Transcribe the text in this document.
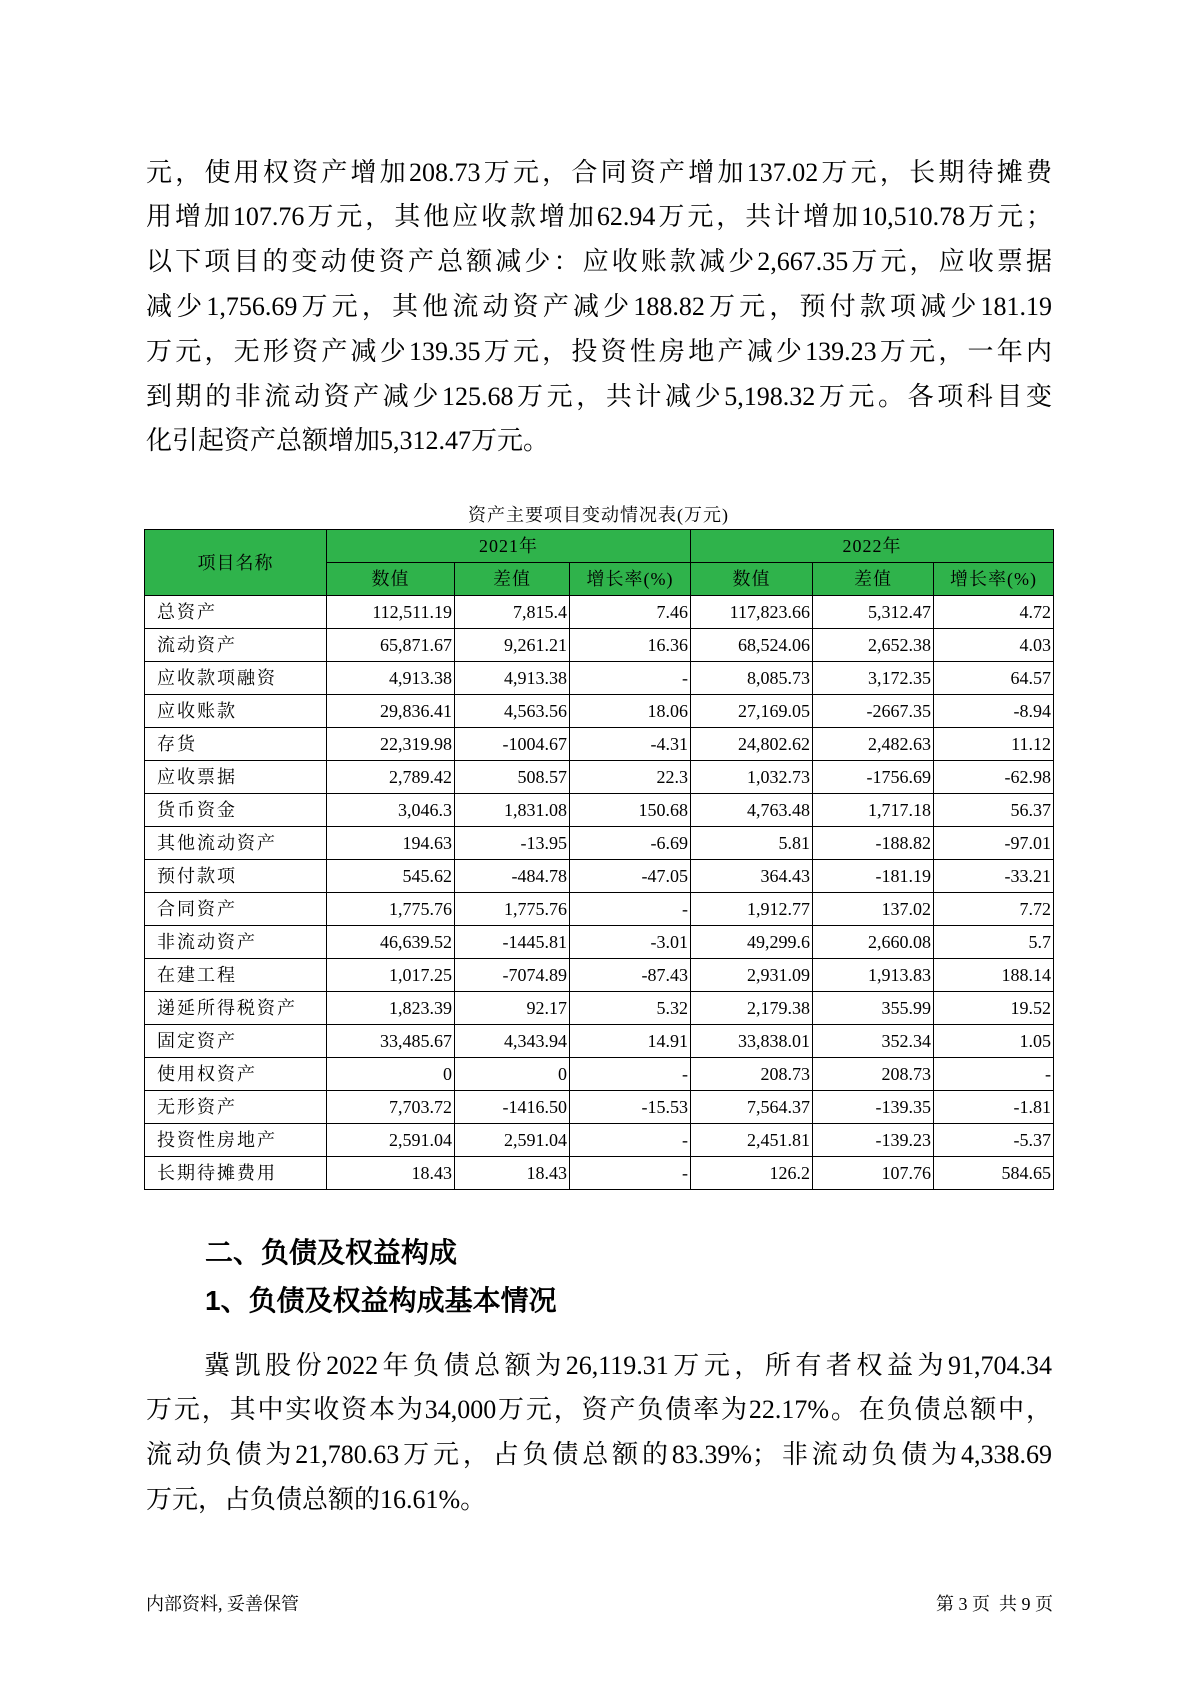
元，使用权资产增加208.73万元，合同资产增加137.02万元，长期待摊费
用增加107.76万元，其他应收款增加62.94万元，共计增加10,510.78万元；
以下项目的变动使资产总额减少：应收账款减少2,667.35万元，应收票据
减少1,756.69万元，其他流动资产减少188.82万元，预付款项减少181.19
万元，无形资产减少139.35万元，投资性房地产减少139.23万元，一年内
到期的非流动资产减少125.68万元，共计减少5,198.32万元。各项科目变
化引起资产总额增加5,312.47万元。
资产主要项目变动情况表(万元)
项目名称	2021年			2022年		
	数值	差值	增长率(%)	数值	差值	增长率(%)
总资产	112,511.19	7,815.4	7.46	117,823.66	5,312.47	4.72
流动资产	65,871.67	9,261.21	16.36	68,524.06	2,652.38	4.03
应收款项融资	4,913.38	4,913.38	-	8,085.73	3,172.35	64.57
应收账款	29,836.41	4,563.56	18.06	27,169.05	-2667.35	-8.94
存货	22,319.98	-1004.67	-4.31	24,802.62	2,482.63	11.12
应收票据	2,789.42	508.57	22.3	1,032.73	-1756.69	-62.98
货币资金	3,046.3	1,831.08	150.68	4,763.48	1,717.18	56.37
其他流动资产	194.63	-13.95	-6.69	5.81	-188.82	-97.01
预付款项	545.62	-484.78	-47.05	364.43	-181.19	-33.21
合同资产	1,775.76	1,775.76	-	1,912.77	137.02	7.72
非流动资产	46,639.52	-1445.81	-3.01	49,299.6	2,660.08	5.7
在建工程	1,017.25	-7074.89	-87.43	2,931.09	1,913.83	188.14
递延所得税资产	1,823.39	92.17	5.32	2,179.38	355.99	19.52
固定资产	33,485.67	4,343.94	14.91	33,838.01	352.34	1.05
使用权资产	0	0	-	208.73	208.73	-
无形资产	7,703.72	-1416.50	-15.53	7,564.37	-139.35	-1.81
投资性房地产	2,591.04	2,591.04	-	2,451.81	-139.23	-5.37
长期待摊费用	18.43	18.43	-	126.2	107.76	584.65
二、负债及权益构成
1、负债及权益构成基本情况
冀凯股份2022年负债总额为26,119.31万元，所有者权益为91,704.34
万元，其中实收资本为34,000万元，资产负债率为22.17%。在负债总额中，
流动负债为21,780.63万元，占负债总额的83.39%；非流动负债为4,338.69
万元，占负债总额的16.61%。
内部资料, 妥善保管	第 3 页  共 9 页
